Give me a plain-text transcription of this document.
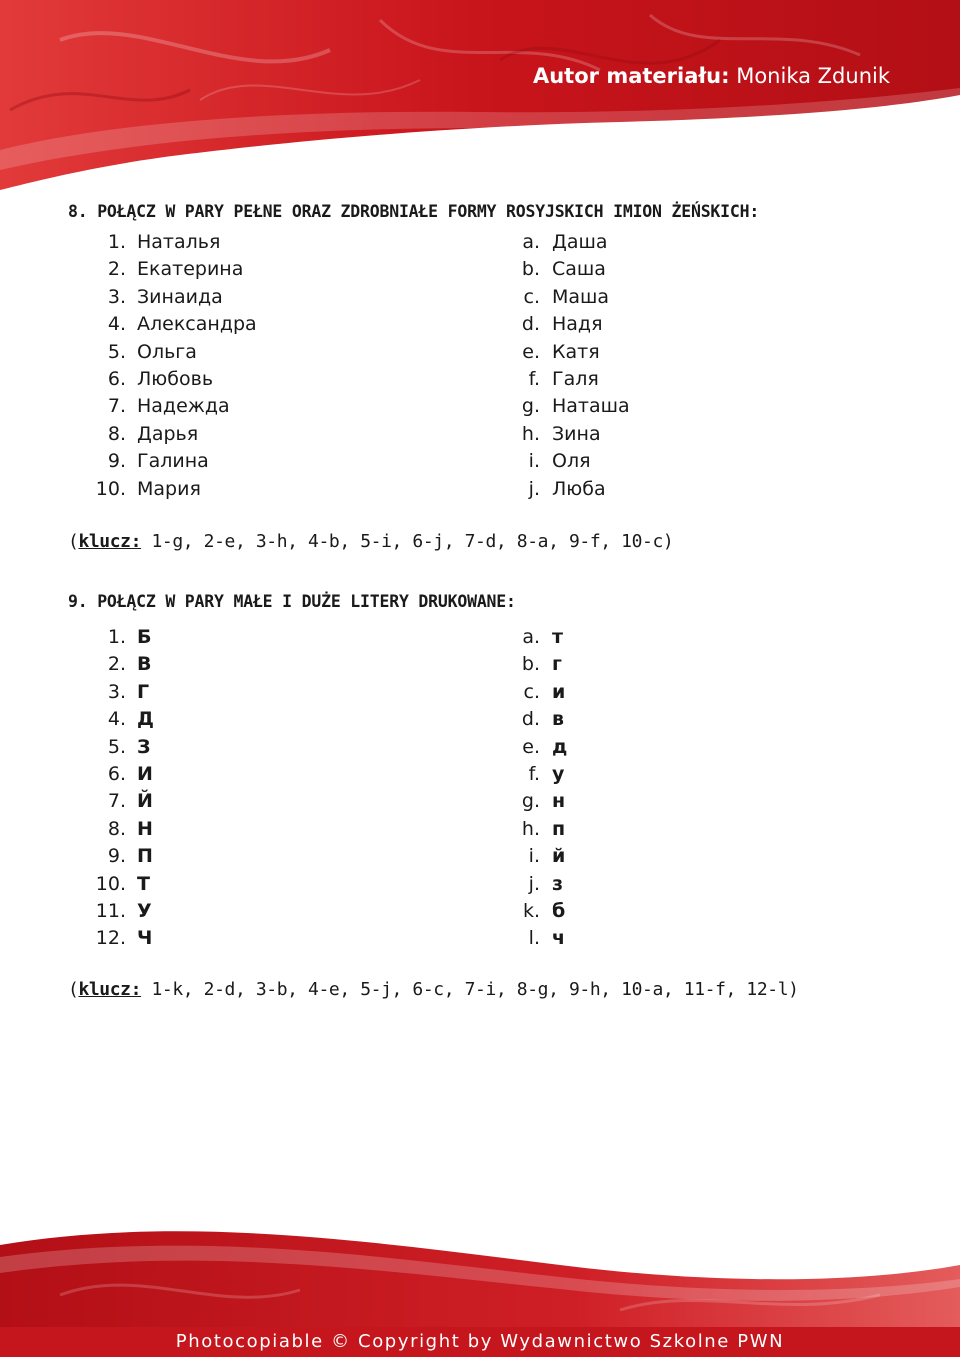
Autor materiału: Monika Zdunik
8. POŁĄCZ W PARY PEŁNE ORAZ ZDROBNIAŁE FORMY ROSYJSKICH IMION ŻEŃSKICH:
1. Наталья	a. Даша
2. Екатерина	b. Саша
3. Зинаида	c. Маша
4. Александра	d. Надя
5. Ольга	e. Катя
6. Любовь	f. Галя
7. Надежда	g. Наташа
8. Дарья	h. Зина
9. Галина	i. Оля
10. Мария	j. Люба
(klucz: 1-g, 2-e, 3-h, 4-b, 5-i, 6-j, 7-d, 8-a, 9-f, 10-c)
9. POŁĄCZ W PARY MAŁE I DUŻE LITERY DRUKOWANE:
1. Б	a. т
2. В	b. г
3. Г	c. и
4. Д	d. в
5. З	e. д
6. И	f. у
7. Й	g. н
8. Н	h. п
9. П	i. й
10. Т	j. з
11. У	k. б
12. Ч	l. ч
(klucz: 1-k, 2-d, 3-b, 4-e, 5-j, 6-c, 7-i, 8-g, 9-h, 10-a, 11-f, 12-l)
Photocopiable © Copyright by Wydawnictwo Szkolne PWN
